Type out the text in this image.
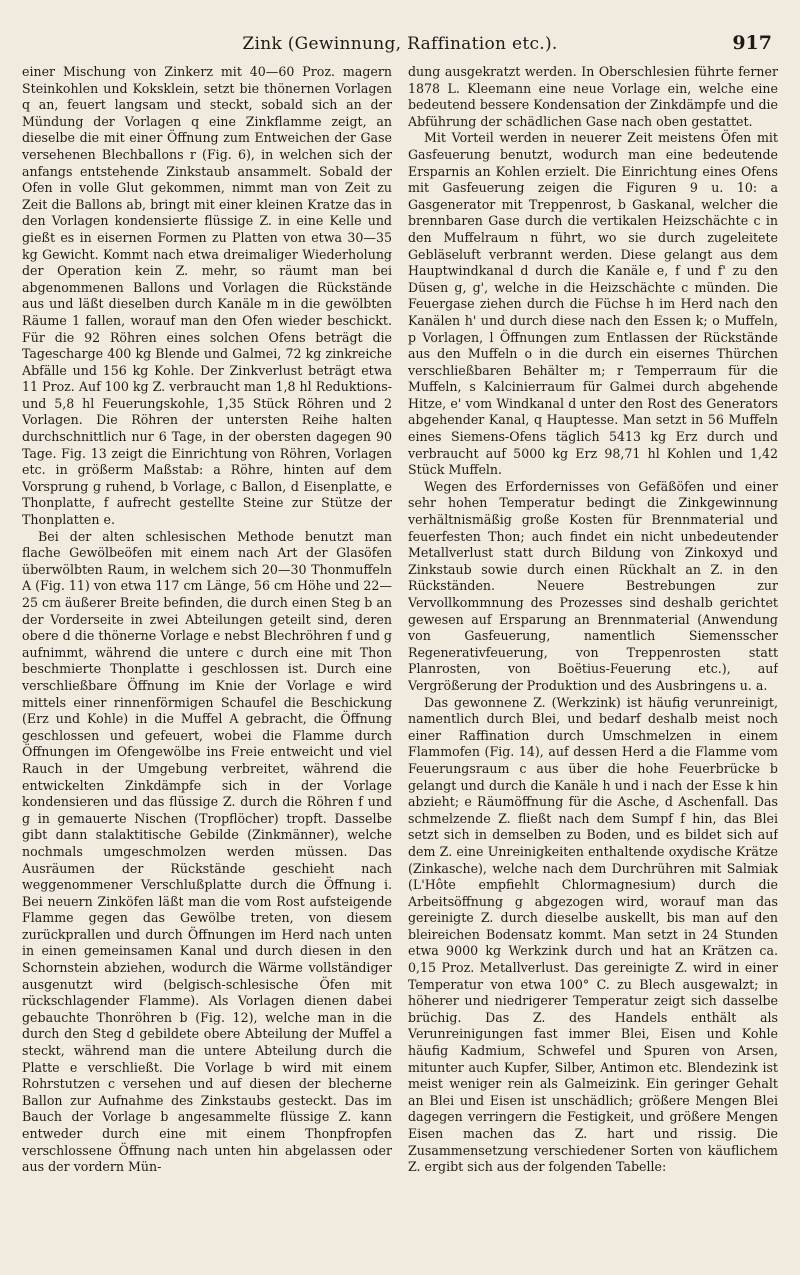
Zink (Gewinnung, Raffination etc.).	917

einer Mischung von Zinkerz mit 40—60 Proz. magern Steinkohlen und Koksklein, setzt bie thönernen Vorlagen q an, feuert langsam und steckt, sobald sich an der Mündung der Vorlagen q eine Zinkflamme zeigt, an dieselbe die mit einer Öffnung zum Entweichen der Gase versehenen Blechballons r (Fig. 6), in welchen sich der anfangs entstehende Zinkstaub ansammelt. Sobald der Ofen in volle Glut gekommen, nimmt man von Zeit zu Zeit die Ballons ab, bringt mit einer kleinen Kratze das in den Vorlagen kondensierte flüssige Z. in eine Kelle und gießt es in eisernen Formen zu Platten von etwa 30—35 kg Gewicht. Kommt nach etwa dreimaliger Wiederholung der Operation kein Z. mehr, so räumt man bei abgenommenen Ballons und Vorlagen die Rückstände aus und läßt dieselben durch Kanäle m in die gewölbten Räume 1 fallen, worauf man den Ofen wieder beschickt. Für die 92 Röhren eines solchen Ofens beträgt die Tagescharge 400 kg Blende und Galmei, 72 kg zinkreiche Abfälle und 156 kg Kohle. Der Zinkverlust beträgt etwa 11 Proz. Auf 100 kg Z. verbraucht man 1,8 hl Reduktions- und 5,8 hl Feuerungskohle, 1,35 Stück Röhren und 2 Vorlagen. Die Röhren der untersten Reihe halten durchschnittlich nur 6 Tage, in der obersten dagegen 90 Tage. Fig. 13 zeigt die Einrichtung von Röhren, Vorlagen etc. in größerm Maßstab: a Röhre, hinten auf dem Vorsprung g ruhend, b Vorlage, c Ballon, d Eisenplatte, e Thonplatte, f aufrecht gestellte Steine zur Stütze der Thonplatten e.

Bei der alten schlesischen Methode benutzt man flache Gewölbeöfen mit einem nach Art der Glasöfen überwölbten Raum, in welchem sich 20—30 Thonmuffeln A (Fig. 11) von etwa 117 cm Länge, 56 cm Höhe und 22—25 cm äußerer Breite befinden, die durch einen Steg b an der Vorderseite in zwei Abteilungen geteilt sind, deren obere d die thönerne Vorlage e nebst Blechröhren f und g aufnimmt, während die untere c durch eine mit Thon beschmierte Thonplatte i geschlossen ist. Durch eine verschließbare Öffnung im Knie der Vorlage e wird mittels einer rinnenförmigen Schaufel die Beschickung (Erz und Kohle) in die Muffel A gebracht, die Öffnung geschlossen und gefeuert, wobei die Flamme durch Öffnungen im Ofengewölbe ins Freie entweicht und viel Rauch in der Umgebung verbreitet, während die entwickelten Zinkdämpfe sich in der Vorlage kondensieren und das flüssige Z. durch die Röhren f und g in gemauerte Nischen (Tropflöcher) tropft. Dasselbe gibt dann stalaktitische Gebilde (Zinkmänner), welche nochmals umgeschmolzen werden müssen. Das Ausräumen der Rückstände geschieht nach weggenommener Verschlußplatte durch die Öffnung i. Bei neuern Zinköfen läßt man die vom Rost aufsteigende Flamme gegen das Gewölbe treten, von diesem zurückprallen und durch Öffnungen im Herd nach unten in einen gemeinsamen Kanal und durch diesen in den Schornstein abziehen, wodurch die Wärme vollständiger ausgenutzt wird (belgisch-schlesische Öfen mit rückschlagender Flamme). Als Vorlagen dienen dabei gebauchte Thonröhren b (Fig. 12), welche man in die durch den Steg d gebildete obere Abteilung der Muffel a steckt, während man die untere Abteilung durch die Platte e verschließt. Die Vorlage b wird mit einem Rohrstutzen c versehen und auf diesen der blecherne Ballon zur Aufnahme des Zinkstaubs gesteckt. Das im Bauch der Vorlage b angesammelte flüssige Z. kann entweder durch eine mit einem Thonpfropfen verschlossene Öffnung nach unten hin abgelassen oder aus der vordern Mün-

dung ausgekratzt werden. In Oberschlesien führte ferner 1878 L. Kleemann eine neue Vorlage ein, welche eine bedeutend bessere Kondensation der Zinkdämpfe und die Abführung der schädlichen Gase nach oben gestattet.

Mit Vorteil werden in neuerer Zeit meistens Öfen mit Gasfeuerung benutzt, wodurch man eine bedeutende Ersparnis an Kohlen erzielt. Die Einrichtung eines Ofens mit Gasfeuerung zeigen die Figuren 9 u. 10: a Gasgenerator mit Treppenrost, b Gaskanal, welcher die brennbaren Gase durch die vertikalen Heizschächte c in den Muffelraum n führt, wo sie durch zugeleitete Gebläseluft verbrannt werden. Diese gelangt aus dem Hauptwindkanal d durch die Kanäle e, f und f' zu den Düsen g, g', welche in die Heizschächte c münden. Die Feuergase ziehen durch die Füchse h im Herd nach den Kanälen h' und durch diese nach den Essen k; o Muffeln, p Vorlagen, l Öffnungen zum Entlassen der Rückstände aus den Muffeln o in die durch ein eisernes Thürchen verschließbaren Behälter m; r Temperraum für die Muffeln, s Kalcinierraum für Galmei durch abgehende Hitze, e' vom Windkanal d unter den Rost des Generators abgehender Kanal, q Hauptesse. Man setzt in 56 Muffeln eines Siemens-Ofens täglich 5413 kg Erz durch und verbraucht auf 5000 kg Erz 98,71 hl Kohlen und 1,42 Stück Muffeln.

Wegen des Erfordernisses von Gefäßöfen und einer sehr hohen Temperatur bedingt die Zinkgewinnung verhältnismäßig große Kosten für Brennmaterial und feuerfesten Thon; auch findet ein nicht unbedeutender Metallverlust statt durch Bildung von Zinkoxyd und Zinkstaub sowie durch einen Rückhalt an Z. in den Rückständen. Neuere Bestrebungen zur Vervollkommnung des Prozesses sind deshalb gerichtet gewesen auf Ersparung an Brennmaterial (Anwendung von Gasfeuerung, namentlich Siemensscher Regenerativfeuerung, von Treppenrosten statt Planrosten, von Boëtius-Feuerung etc.), auf Vergrößerung der Produktion und des Ausbringens u. a.

Das gewonnene Z. (Werkzink) ist häufig verunreinigt, namentlich durch Blei, und bedarf deshalb meist noch einer Raffination durch Umschmelzen in einem Flammofen (Fig. 14), auf dessen Herd a die Flamme vom Feuerungsraum c aus über die hohe Feuerbrücke b gelangt und durch die Kanäle h und i nach der Esse k hin abzieht; e Räumöffnung für die Asche, d Aschenfall. Das schmelzende Z. fließt nach dem Sumpf f hin, das Blei setzt sich in demselben zu Boden, und es bildet sich auf dem Z. eine Unreinigkeiten enthaltende oxydische Krätze (Zinkasche), welche nach dem Durchrühren mit Salmiak (L'Hôte empfiehlt Chlormagnesium) durch die Arbeitsöffnung g abgezogen wird, worauf man das gereinigte Z. durch dieselbe auskellt, bis man auf den bleireichen Bodensatz kommt. Man setzt in 24 Stunden etwa 9000 kg Werkzink durch und hat an Krätzen ca. 0,15 Proz. Metallverlust. Das gereinigte Z. wird in einer Temperatur von etwa 100° C. zu Blech ausgewalzt; in höherer und niedrigerer Temperatur zeigt sich dasselbe brüchig. Das Z. des Handels enthält als Verunreinigungen fast immer Blei, Eisen und Kohle häufig Kadmium, Schwefel und Spuren von Arsen, mitunter auch Kupfer, Silber, Antimon etc. Blendezink ist meist weniger rein als Galmeizink. Ein geringer Gehalt an Blei und Eisen ist unschädlich; größere Mengen Blei dagegen verringern die Festigkeit, und größere Mengen Eisen machen das Z. hart und rissig. Die Zusammensetzung verschiedener Sorten von käuflichem Z. ergibt sich aus der folgenden Tabelle:
